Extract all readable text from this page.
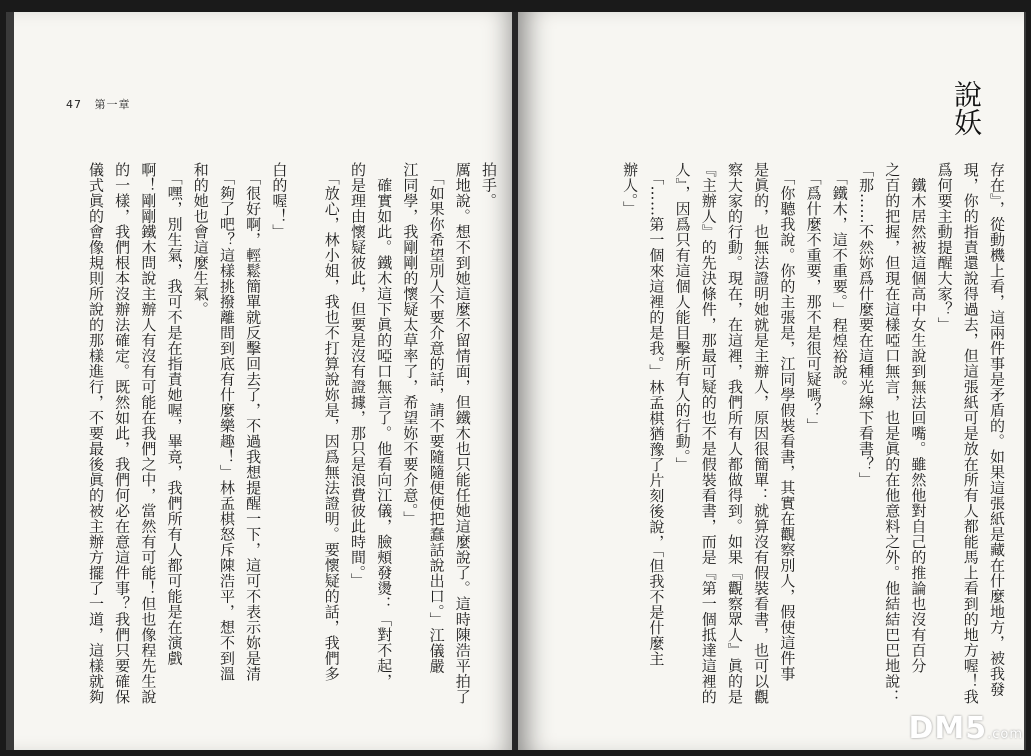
47 第一章

拍手。

厲地說。想不到她這麼不留情面，但鐵木也只能任她這麼說了。這時陳浩平拍了

　「如果你希望別人不要介意的話，請不要隨隨便便把蠢話說出口。」江儀嚴

江同學，我剛剛的懷疑太草率了，希望妳不要介意。」

　確實如此。鐵木這下眞的啞口無言了。他看向江儀，臉頰發燙：「對不起，

的是理由懷疑彼此，但要是沒有證據，那只是浪費彼此時間。」

　「放心，林小姐，我也不打算說妳是，因爲無法證明。要懷疑的話，我們多

白的喔！」

　「很好啊，輕鬆簡單就反擊回去了，不過我想提醒一下，這可不表示妳是清

　「夠了吧？這樣挑撥離間到底有什麼樂趣！」林孟棋怒斥陳浩平，想不到溫

和的她也會這麼生氣。

　「嘿，別生氣，我可不是在指責她喔，畢竟，我們所有人都可能是在演戲

啊！剛剛鐵木問說主辦人有沒有可能在我們之中，當然有可能！但也像程先生說

的一樣，我們根本沒辦法確定。既然如此，我們何必在意這件事？我們只要確保

儀式眞的會像規則所說的那樣進行，不要最後眞的被主辦方擺了一道，這樣就夠

說妖

存在』，從動機上看，這兩件事是矛盾的。如果這張紙是藏在什麼地方，被我發

現，你的指責還說得過去，但這張紙可是放在所有人都能馬上看到的地方喔！我

爲何要主動提醒大家？」

　鐵木居然被這個高中女生說到無法回嘴。雖然他對自己的推論也沒有百分

之百的把握，但現在這樣啞口無言，也是眞的在他意料之外。他結結巴巴地說：

「那……不然妳爲什麼要在這種光線下看書？」

　「鐵木，這不重要。」程煌裕說。

　「爲什麼不重要，那不是很可疑嗎？」

　「你聽我說。你的主張是，江同學假裝看書，其實在觀察別人，假使這件事

是眞的，也無法證明她就是主辦人，原因很簡單：就算沒有假裝看書，也可以觀

察大家的行動。現在，在這裡，我們所有人都做得到。如果『觀察眾人』眞的是

『主辦人』的先決條件，那最可疑的也不是假裝看書，而是『第一個抵達這裡的

人』，因爲只有這個人能目擊所有人的行動。」

　「……第一個來這裡的是我。」林孟棋猶豫了片刻後說，「但我不是什麼主

辦人。」

DM5.com
